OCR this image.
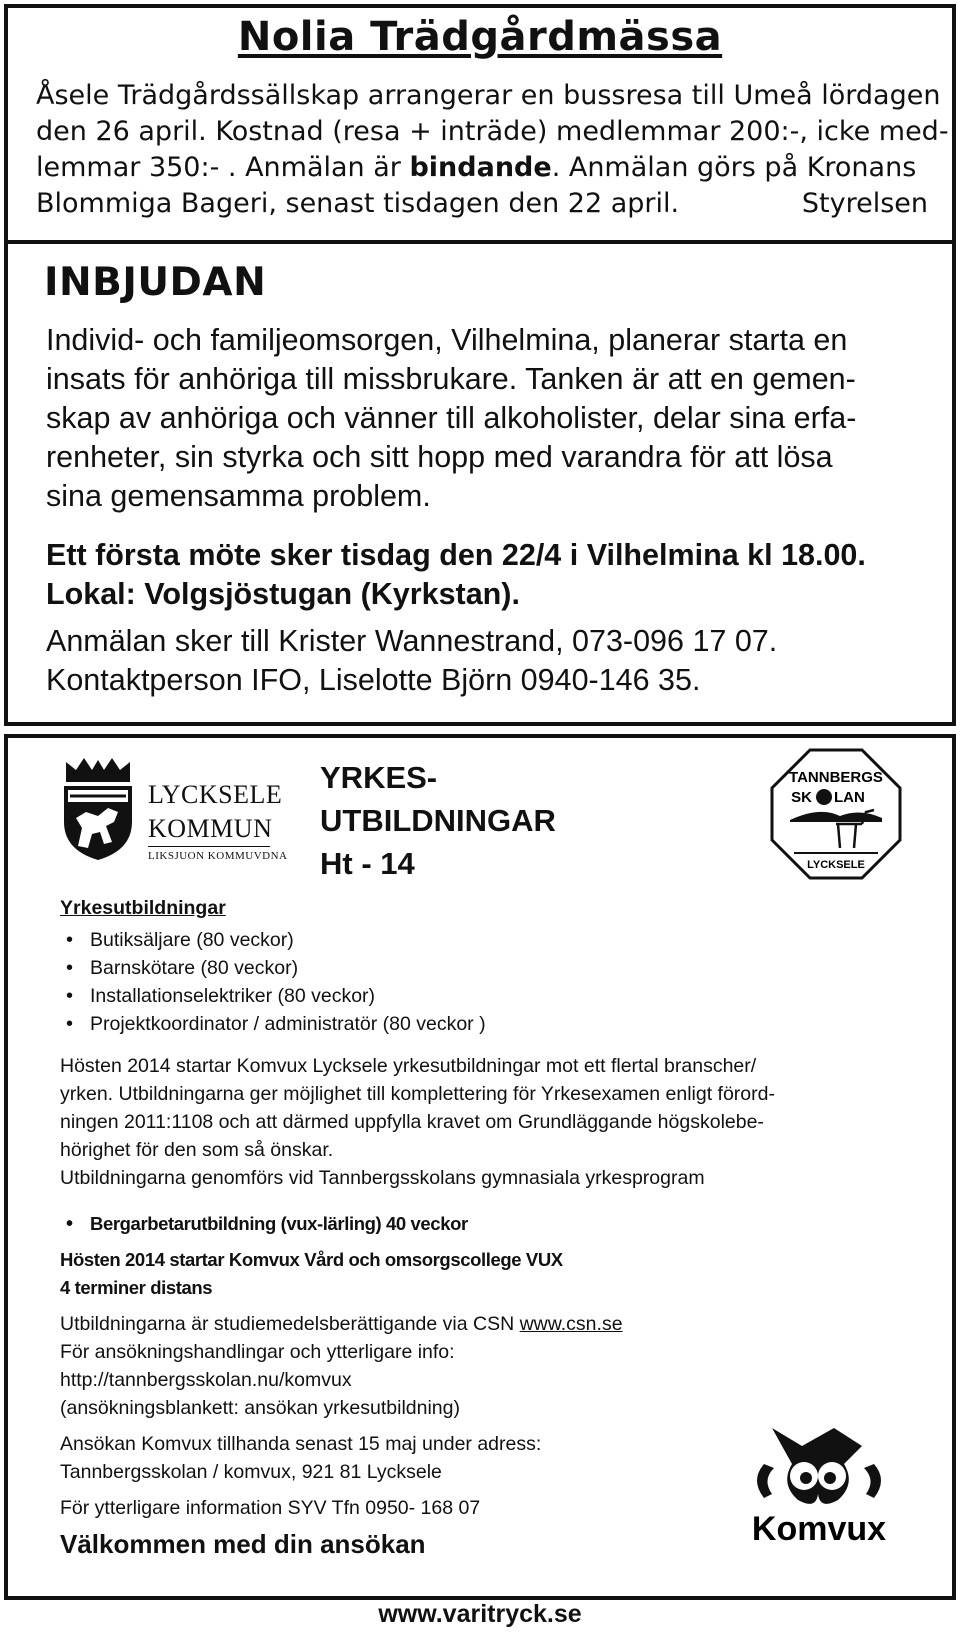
Nolia Trädgårdmässa

Åsele Trädgårdssällskap arrangerar en bussresa till Umeå lördagen

den 26 april. Kostnad (resa + inträde) medlemmar 200:-, icke med-

lemmar 350:- . Anmälan är bindande. Anmälan görs på Kronans

Blommiga Bageri, senast tisdagen den 22 april.	Styrelsen

INBJUDAN

Individ- och familjeomsorgen, Vilhelmina, planerar starta en

insats för anhöriga till missbrukare. Tanken är att en gemen-

skap av anhöriga och vänner till alkoholister, delar sina erfa-

renheter, sin styrka och sitt hopp med varandra för att lösa

sina gemensamma problem.

Ett första möte sker tisdag den 22/4 i Vilhelmina kl 18.00.

Lokal: Volgsjöstugan (Kyrkstan).

Anmälan sker till Krister Wannestrand, 073-096 17 07.

Kontaktperson IFO, Liselotte Björn 0940-146 35.

LYCKSELE
KOMMUN
LIKSJUON KOMMUVDNA
YRKES-
UTBILDNINGAR
Ht - 14
TANNBERGS
SK LAN
LYCKSELE
Yrkesutbildningar
• Butiksäljare (80 veckor)
• Barnskötare (80 veckor)
• Installationselektriker (80 veckor)
• Projektkoordinator / administratör (80 veckor )

Hösten 2014 startar Komvux Lycksele yrkesutbildningar mot ett flertal branscher/

yrken. Utbildningarna ger möjlighet till komplettering för Yrkesexamen enligt förord-

ningen 2011:1108 och att därmed uppfylla kravet om Grundläggande högskolebe-

hörighet för den som så önskar.

Utbildningarna genomförs vid Tannbergsskolans gymnasiala yrkesprogram

• Bergarbetarutbildning (vux-lärling) 40 veckor

Hösten 2014 startar Komvux Vård och omsorgscollege VUX

4 terminer distans

Utbildningarna är studiemedelsberättigande via CSN www.csn.se

För ansökningshandlingar och ytterligare info:

http://tannbergsskolan.nu/komvux

(ansökningsblankett: ansökan yrkesutbildning)

Ansökan Komvux tillhanda senast 15 maj under adress:

Tannbergsskolan / komvux, 921 81 Lycksele

För ytterligare information SYV Tfn 0950- 168 07

Välkommen med din ansökan	Komvux
www.varitryck.se
